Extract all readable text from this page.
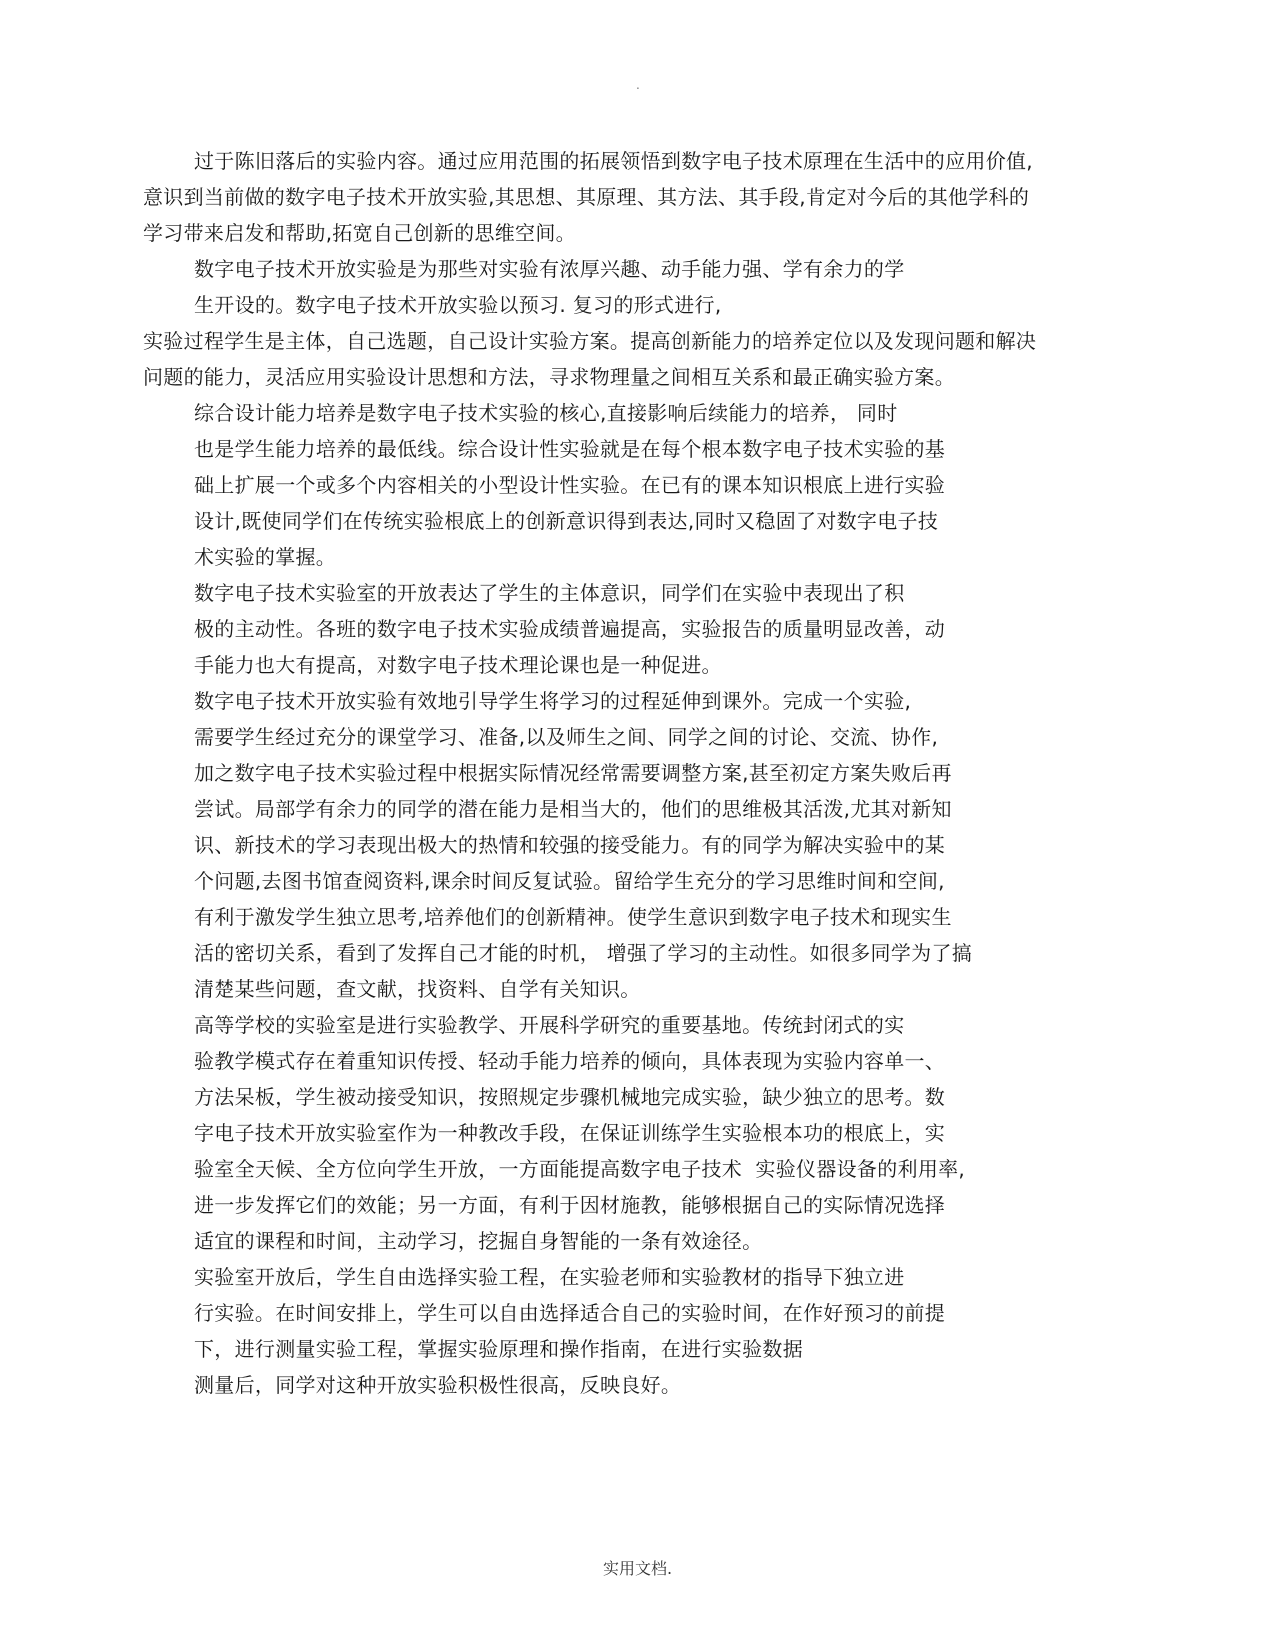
.
过于陈旧落后的实验内容。通过应用范围的拓展领悟到数字电子技术原理在生活中的应用价值,
意识到当前做的数字电子技术开放实验,其思想、其原理、其方法、其手段,肯定对今后的其他学科的
学习带来启发和帮助,拓宽自己创新的思维空间。
数字电子技术开放实验是为那些对实验有浓厚兴趣、动手能力强、学有余力的学
生开设的。数字电子技术开放实验以预习. 复习的形式进行,
实验过程学生是主体，自己选题，自己设计实验方案。提高创新能力的培养定位以及发现问题和解决
问题的能力，灵活应用实验设计思想和方法，寻求物理量之间相互关系和最正确实验方案。
综合设计能力培养是数字电子技术实验的核心,直接影响后续能力的培养， 同时
也是学生能力培养的最低线。综合设计性实验就是在每个根本数字电子技术实验的基
础上扩展一个或多个内容相关的小型设计性实验。在已有的课本知识根底上进行实验
设计,既使同学们在传统实验根底上的创新意识得到表达,同时又稳固了对数字电子技
术实验的掌握。
数字电子技术实验室的开放表达了学生的主体意识，同学们在实验中表现出了积
极的主动性。各班的数字电子技术实验成绩普遍提高，实验报告的质量明显改善，动
手能力也大有提高，对数字电子技术理论课也是一种促进。
数字电子技术开放实验有效地引导学生将学习的过程延伸到课外。完成一个实验,
需要学生经过充分的课堂学习、准备,以及师生之间、同学之间的讨论、交流、协作,
加之数字电子技术实验过程中根据实际情况经常需要调整方案,甚至初定方案失败后再
尝试。局部学有余力的同学的潜在能力是相当大的，他们的思维极其活泼,尤其对新知
识、新技术的学习表现出极大的热情和较强的接受能力。有的同学为解决实验中的某
个问题,去图书馆查阅资料,课余时间反复试验。留给学生充分的学习思维时间和空间,
有利于激发学生独立思考,培养他们的创新精神。使学生意识到数字电子技术和现实生
活的密切关系，看到了发挥自己才能的时机， 增强了学习的主动性。如很多同学为了搞
清楚某些问题，查文献，找资料、自学有关知识。
高等学校的实验室是进行实验教学、开展科学研究的重要基地。传统封闭式的实
验教学模式存在着重知识传授、轻动手能力培养的倾向，具体表现为实验内容单一、
方法呆板，学生被动接受知识，按照规定步骤机械地完成实验，缺少独立的思考。数
字电子技术开放实验室作为一种教改手段，在保证训练学生实验根本功的根底上，实
验室全天候、全方位向学生开放，一方面能提高数字电子技术  实验仪器设备的利用率,
进一步发挥它们的效能；另一方面，有利于因材施教，能够根据自己的实际情况选择
适宜的课程和时间，主动学习，挖掘自身智能的一条有效途径。
实验室开放后，学生自由选择实验工程，在实验老师和实验教材的指导下独立进
行实验。在时间安排上，学生可以自由选择适合自己的实验时间，在作好预习的前提
下，进行测量实验工程，掌握实验原理和操作指南，在进行实验数据
测量后，同学对这种开放实验积极性很高，反映良好。
实用文档.
